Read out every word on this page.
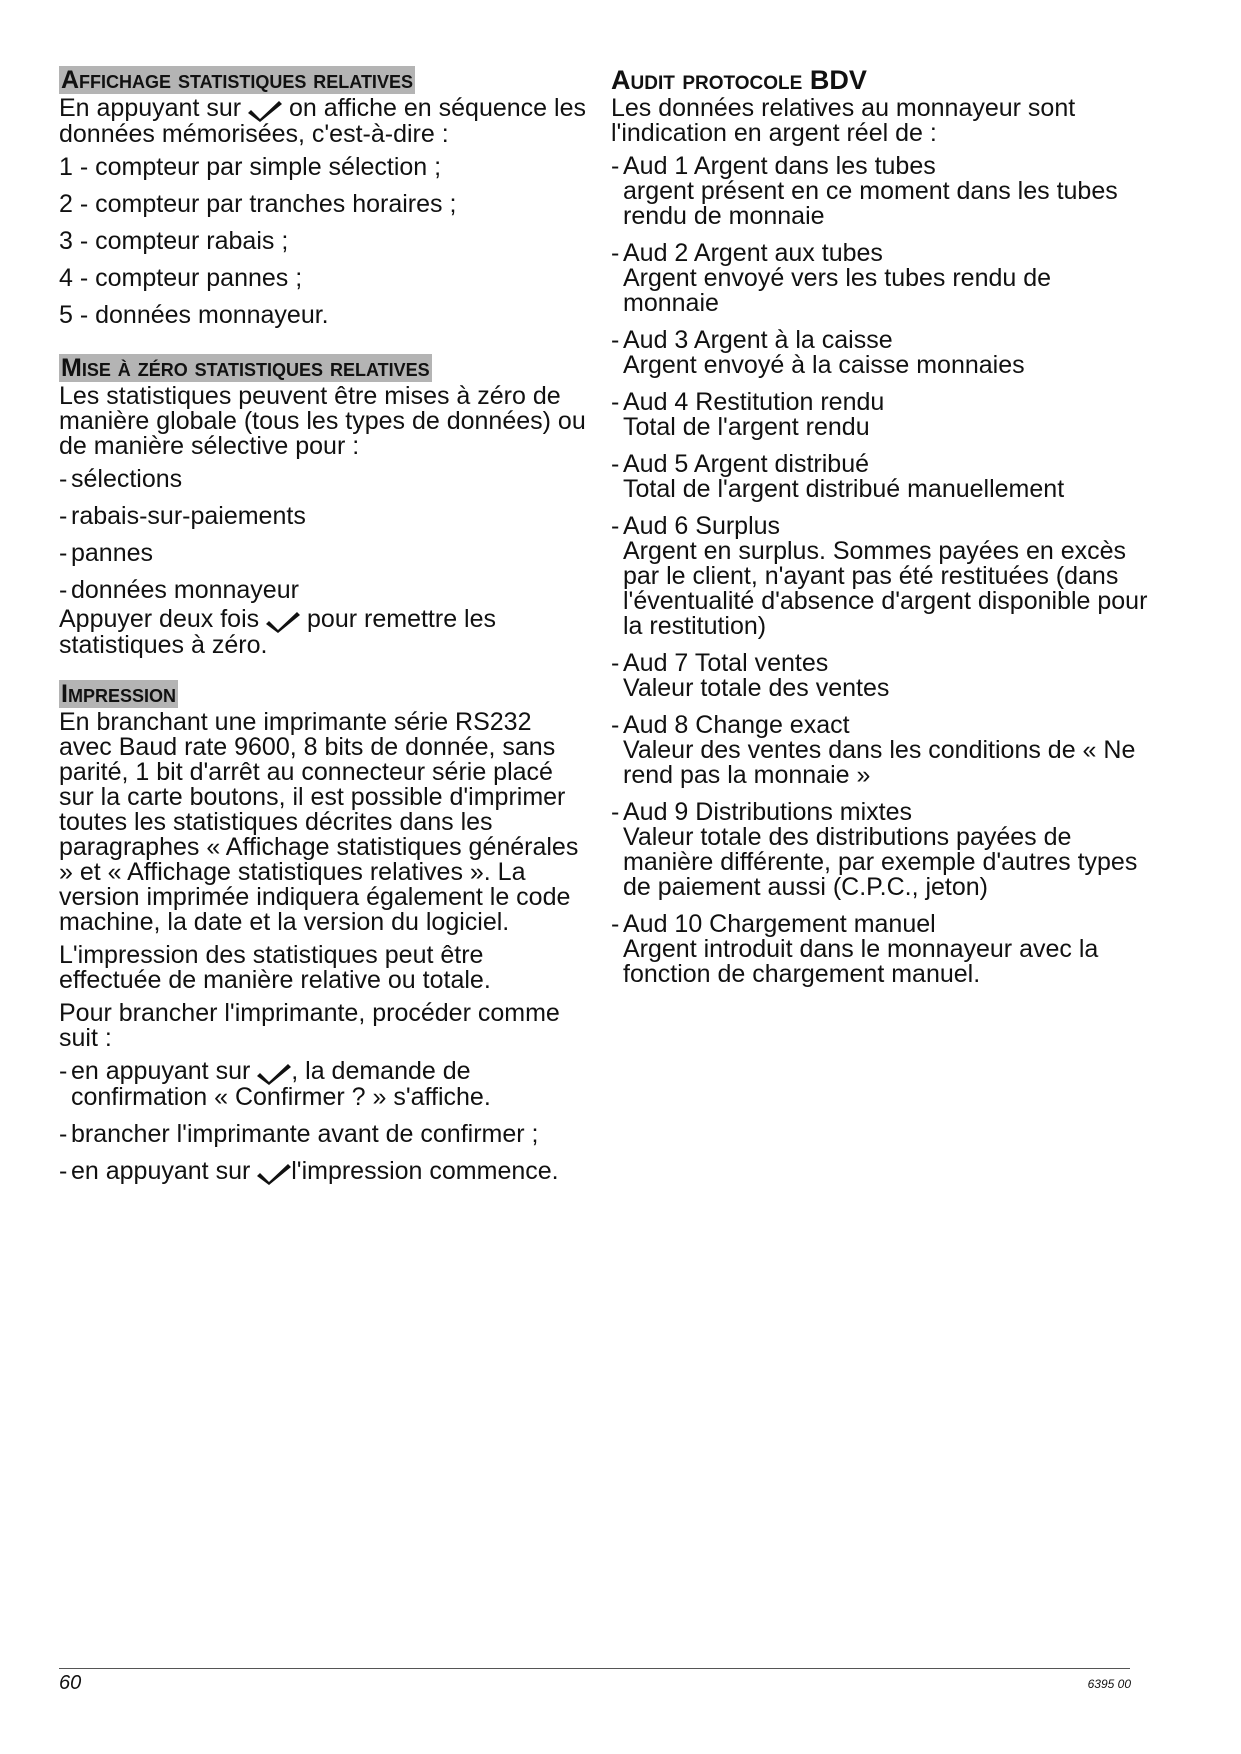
Affichage statistiques relatives

En appuyant sur on affiche en séquence les données mémorisées, c'est-à-dire :

1 - compteur par simple sélection ;
2 - compteur par tranches horaires ;
3 - compteur rabais ;
4 - compteur pannes ;
5 - données monnayeur.
Mise à zéro statistiques relatives

Les statistiques peuvent être mises à zéro de manière globale (tous les types de données) ou de manière sélective pour :

- sélections
- rabais-sur-paiements
- pannes
- données monnayeur

Appuyer deux fois pour remettre les statistiques à zéro.

Impression

En branchant une imprimante série RS232 avec Baud rate 9600, 8 bits de donnée, sans parité, 1 bit d'arrêt au connecteur série placé sur la carte boutons, il est possible d'imprimer toutes les statistiques décrites dans les paragraphes « Affichage statistiques générales » et « Affichage statistiques relatives ». La version imprimée indiquera également le code machine, la date et la version du logiciel.

L'impression des statistiques peut être effectuée de manière relative ou totale.

Pour brancher l'imprimante, procéder comme suit :

- en appuyant sur , la demande de confirmation « Confirmer ? » s'affiche.
- brancher l'imprimante avant de confirmer ;
- en appuyant sur l'impression commence.
Audit protocole BDV

Les données relatives au monnayeur sont l'indication en argent réel de :

- Aud 1 Argent dans les tubes
argent présent en ce moment dans les tubes rendu de monnaie
- Aud 2 Argent aux tubes
Argent envoyé vers les tubes rendu de monnaie
- Aud 3 Argent à la caisse
Argent envoyé à la caisse monnaies
- Aud 4 Restitution rendu
Total de l'argent rendu
- Aud 5 Argent distribué
Total de l'argent distribué manuellement
- Aud 6 Surplus
Argent en surplus. Sommes payées en excès par le client, n'ayant pas été restituées (dans l'éventualité d'absence d'argent disponible pour la restitution)
- Aud 7 Total ventes
Valeur totale des ventes
- Aud 8 Change exact
Valeur des ventes dans les conditions de « Ne rend pas la monnaie »
- Aud 9 Distributions mixtes
Valeur totale des distributions payées de manière différente, par exemple d'autres types de paiement aussi (C.P.C., jeton)
- Aud 10 Chargement manuel
Argent introduit dans le monnayeur avec la fonction de chargement manuel.
60	6395 00
